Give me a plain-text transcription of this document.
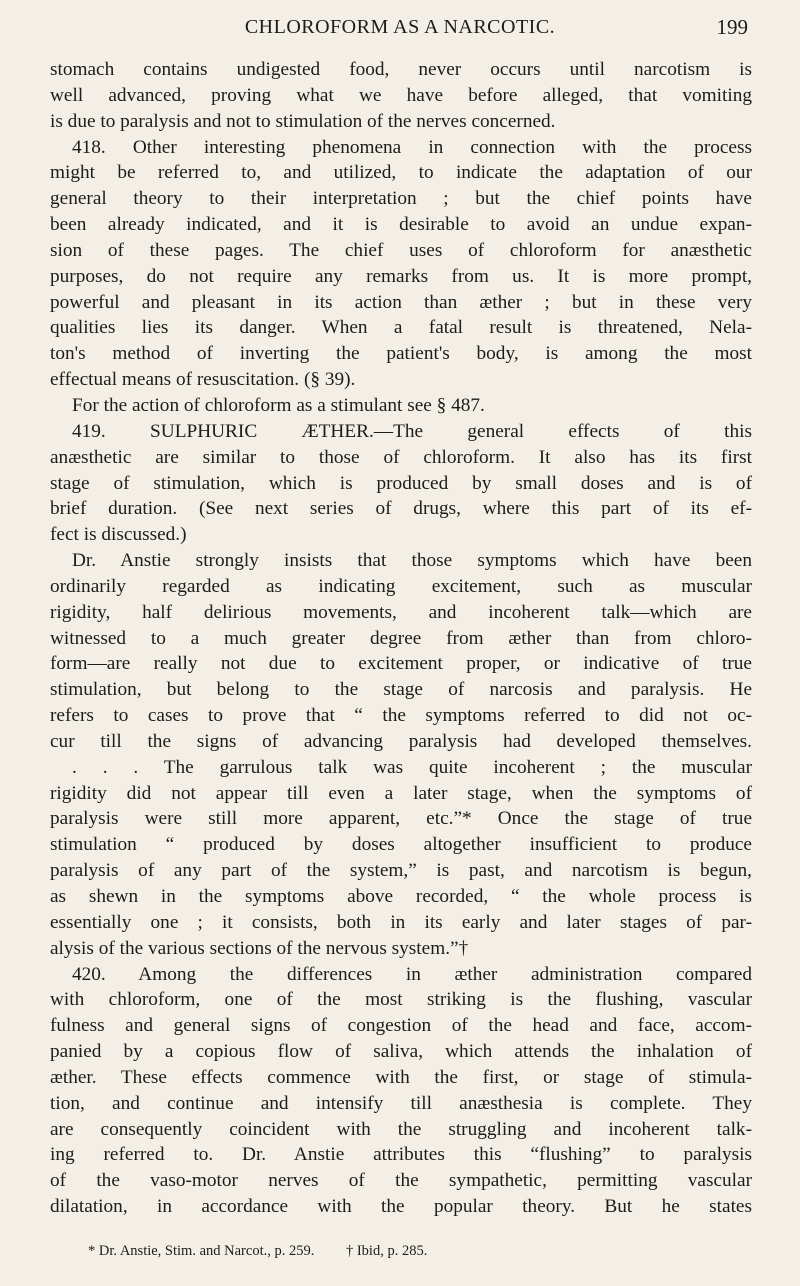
CHLOROFORM AS A NARCOTIC.	199
stomach contains undigested food, never occurs until narcotism is
well advanced, proving what we have before alleged, that vomiting
is due to paralysis and not to stimulation of the nerves concerned.
418. Other interesting phenomena in connection with the process
might be referred to, and utilized, to indicate the adaptation of our
general theory to their interpretation ; but the chief points have
been already indicated, and it is desirable to avoid an undue expan-
sion of these pages. The chief uses of chloroform for anæsthetic
purposes, do not require any remarks from us. It is more prompt,
powerful and pleasant in its action than æther ; but in these very
qualities lies its danger. When a fatal result is threatened, Nela-
ton's method of inverting the patient's body, is among the most
effectual means of resuscitation. (§ 39).
For the action of chloroform as a stimulant see § 487.
419. SULPHURIC ÆTHER.—The general effects of this
anæsthetic are similar to those of chloroform. It also has its first
stage of stimulation, which is produced by small doses and is of
brief duration. (See next series of drugs, where this part of its ef-
fect is discussed.)
Dr. Anstie strongly insists that those symptoms which have been
ordinarily regarded as indicating excitement, such as muscular
rigidity, half delirious movements, and incoherent talk—which are
witnessed to a much greater degree from æther than from chloro-
form—are really not due to excitement proper, or indicative of true
stimulation, but belong to the stage of narcosis and paralysis. He
refers to cases to prove that “ the symptoms referred to did not oc-
cur till the signs of advancing paralysis had developed themselves.
. . . The garrulous talk was quite incoherent ; the muscular
rigidity did not appear till even a later stage, when the symptoms of
paralysis were still more apparent, etc.”* Once the stage of true
stimulation “ produced by doses altogether insufficient to produce
paralysis of any part of the system,” is past, and narcotism is begun,
as shewn in the symptoms above recorded, “ the whole process is
essentially one ; it consists, both in its early and later stages of par-
alysis of the various sections of the nervous system.”†
420. Among the differences in æther administration compared
with chloroform, one of the most striking is the flushing, vascular
fulness and general signs of congestion of the head and face, accom-
panied by a copious flow of saliva, which attends the inhalation of
æther. These effects commence with the first, or stage of stimula-
tion, and continue and intensify till anæsthesia is complete. They
are consequently coincident with the struggling and incoherent talk-
ing referred to. Dr. Anstie attributes this “flushing” to paralysis
of the vaso-motor nerves of the sympathetic, permitting vascular
dilatation, in accordance with the popular theory. But he states
* Dr. Anstie, Stim. and Narcot., p. 259. † Ibid, p. 285.
